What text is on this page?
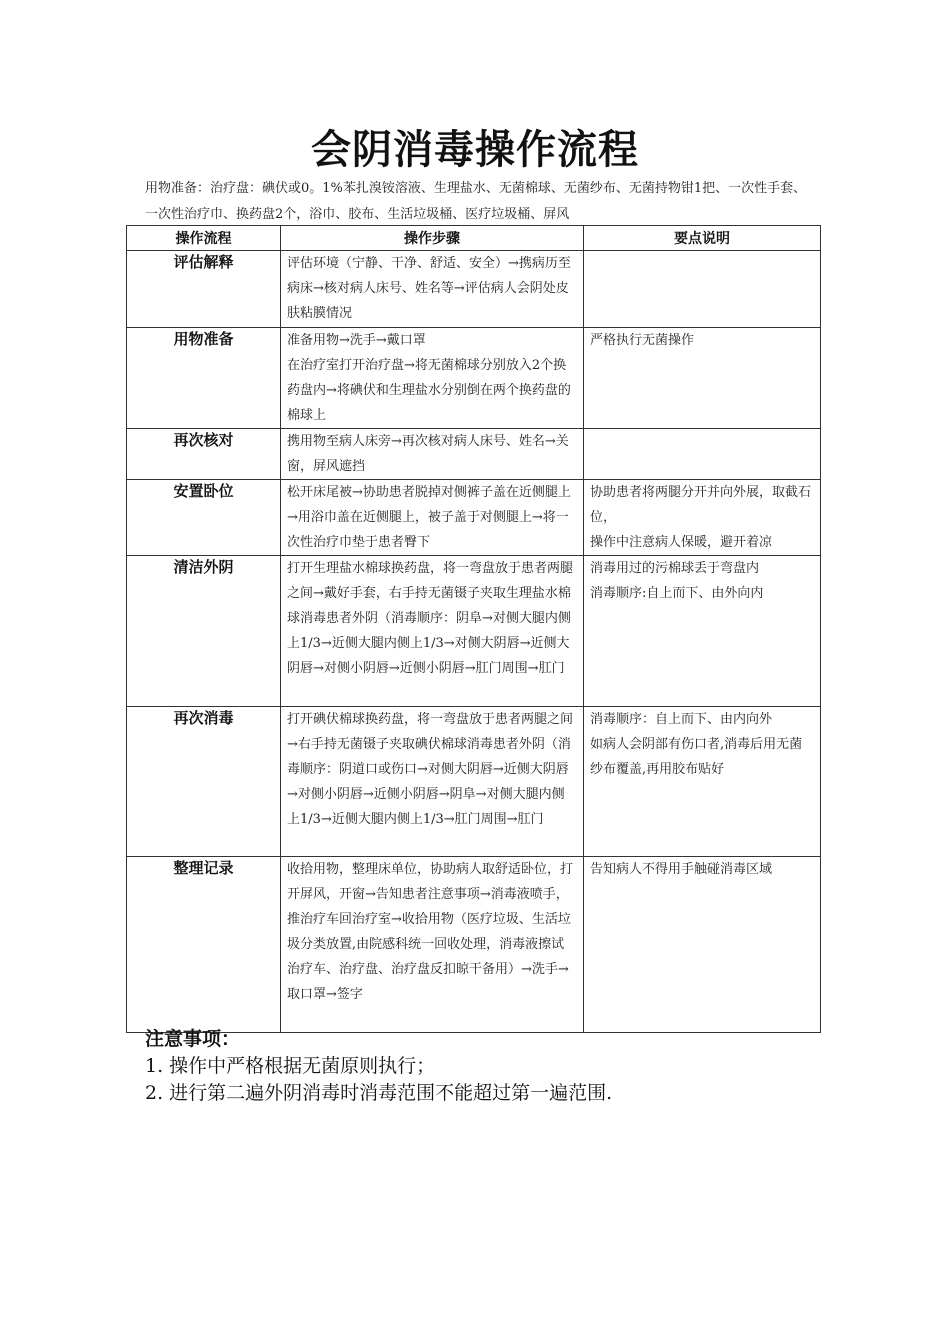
会阴消毒操作流程
用物准备：治疗盘：碘伏或0。1%苯扎溴铵溶液、生理盐水、无菌棉球、无菌纱布、无菌持物钳1把、一次性手套、一次性治疗巾、换药盘2个，浴巾、胶布、生活垃圾桶、医疗垃圾桶、屏风
操作流程	操作步骤	要点说明
评估解释	评估环境（宁静、干净、舒适、安全）→携病历至病床→核对病人床号、姓名等→评估病人会阴处皮肤粘膜情况	

用物准备	准备用物→洗手→戴口罩
在治疗室打开治疗盘→将无菌棉球分别放入2个换药盘内→将碘伏和生理盐水分别倒在两个换药盘的棉球上	严格执行无菌操作

再次核对	携用物至病人床旁→再次核对病人床号、姓名→关窗，屏风遮挡	

安置卧位	松开床尾被→协助患者脱掉对侧裤子盖在近侧腿上→用浴巾盖在近侧腿上，被子盖于对侧腿上→将一次性治疗巾垫于患者臀下	协助患者将两腿分开并向外展，取截石位，
操作中注意病人保暖，避开着凉

清洁外阴	打开生理盐水棉球换药盘，将一弯盘放于患者两腿之间→戴好手套，右手持无菌镊子夹取生理盐水棉球消毒患者外阴（消毒顺序：阴阜→对侧大腿内侧上1/3→近侧大腿内侧上1/3→对侧大阴唇→近侧大阴唇→对侧小阴唇→近侧小阴唇→肛门周围→肛门	消毒用过的污棉球丢于弯盘内
消毒顺序:自上而下、由外向内

再次消毒	打开碘伏棉球换药盘，将一弯盘放于患者两腿之间→右手持无菌镊子夹取碘伏棉球消毒患者外阴（消毒顺序：阴道口或伤口→对侧大阴唇→近侧大阴唇→对侧小阴唇→近侧小阴唇→阴阜→对侧大腿内侧上1/3→近侧大腿内侧上1/3→肛门周围→肛门	消毒顺序：自上而下、由内向外
如病人会阴部有伤口者,消毒后用无菌纱布覆盖,再用胶布贴好

整理记录	收拾用物，整理床单位，协助病人取舒适卧位，打开屏风，开窗→告知患者注意事项→消毒液喷手，推治疗车回治疗室→收拾用物（医疗垃圾、生活垃圾分类放置,由院感科统一回收处理，消毒液擦试治疗车、治疗盘、治疗盘反扣晾干备用）→洗手→取口罩→签字	告知病人不得用手触碰消毒区域
注意事项：
1. 操作中严格根据无菌原则执行；
2. 进行第二遍外阴消毒时消毒范围不能超过第一遍范围.
